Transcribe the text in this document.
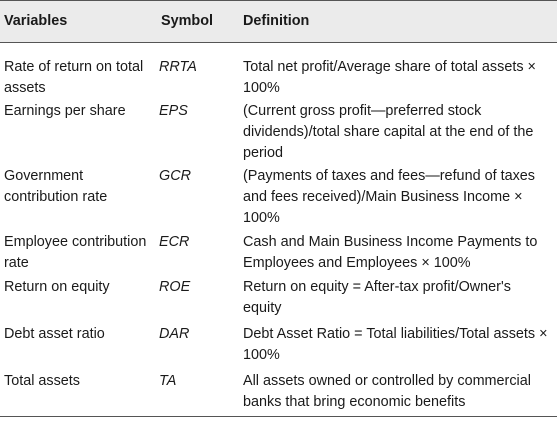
Variables	Symbol	Definition
Rate of return on total assets	RRTA	Total net profit/Average share of total assets × 100%
Earnings per share	EPS	(Current gross profit—preferred stock dividends)/total share capital at the end of the period
Government contribution rate	GCR	(Payments of taxes and fees—refund of taxes and fees received)/Main Business Income × 100%
Employee contribution rate	ECR	Cash and Main Business Income Payments to Employees and Employees × 100%
Return on equity	ROE	Return on equity = After-tax profit/Owner's equity
Debt asset ratio	DAR	Debt Asset Ratio = Total liabilities/Total assets × 100%
Total assets	TA	All assets owned or controlled by commercial banks that bring economic benefits
